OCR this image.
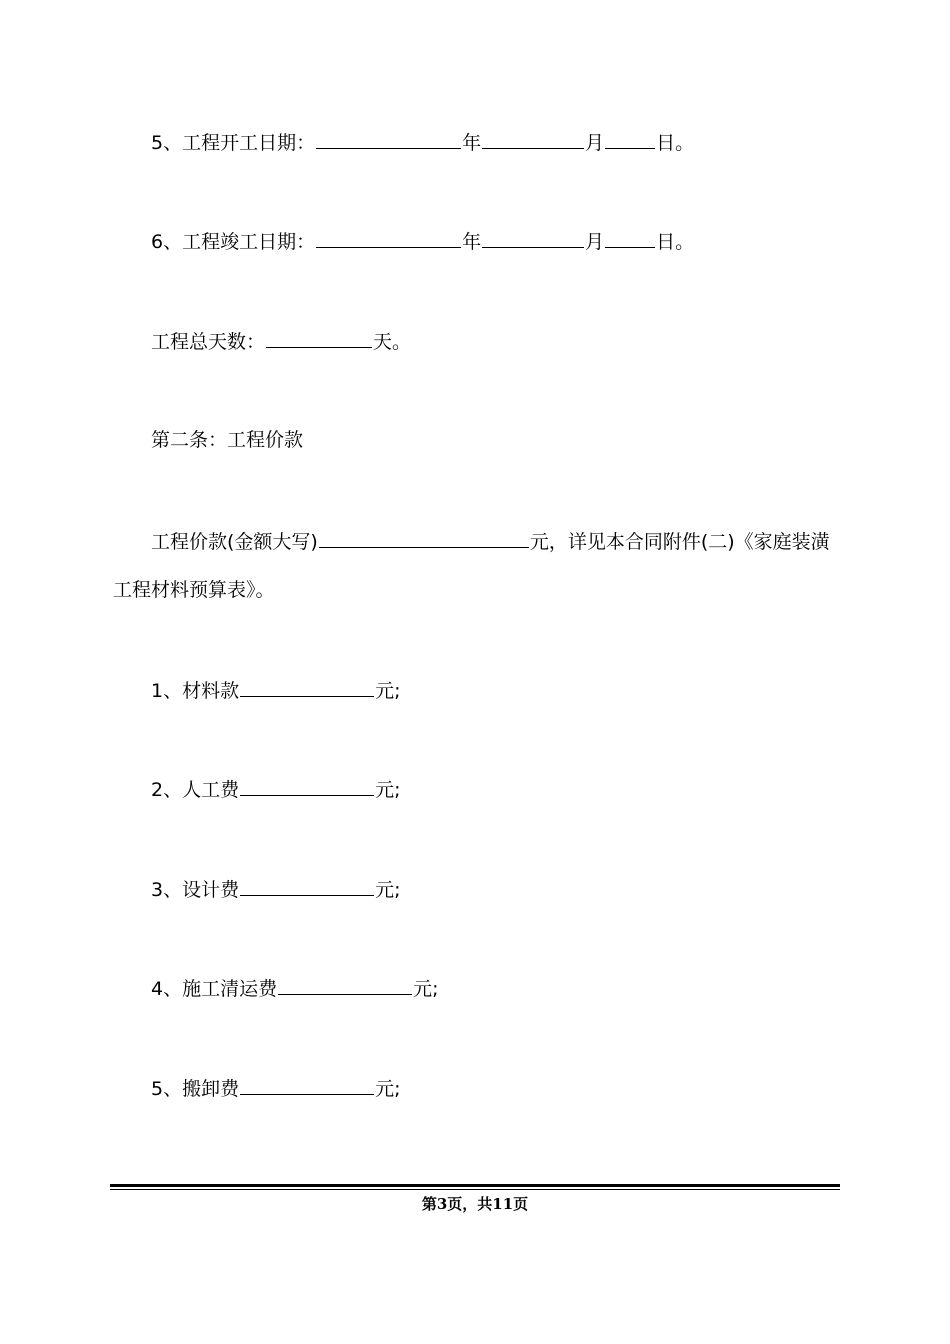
5、工程开工日期：	年	月	日。
6、工程竣工日期：	年	月	日。
工程总天数：	天。
第二条：工程价款
工程价款(金额大写)	元，详见本合同附件(二)《家庭装潢
工程材料预算表》。
1、材料款	元;
2、人工费	元;
3、设计费	元;
4、施工清运费	元;
5、搬卸费	元;
第3页，共11页
